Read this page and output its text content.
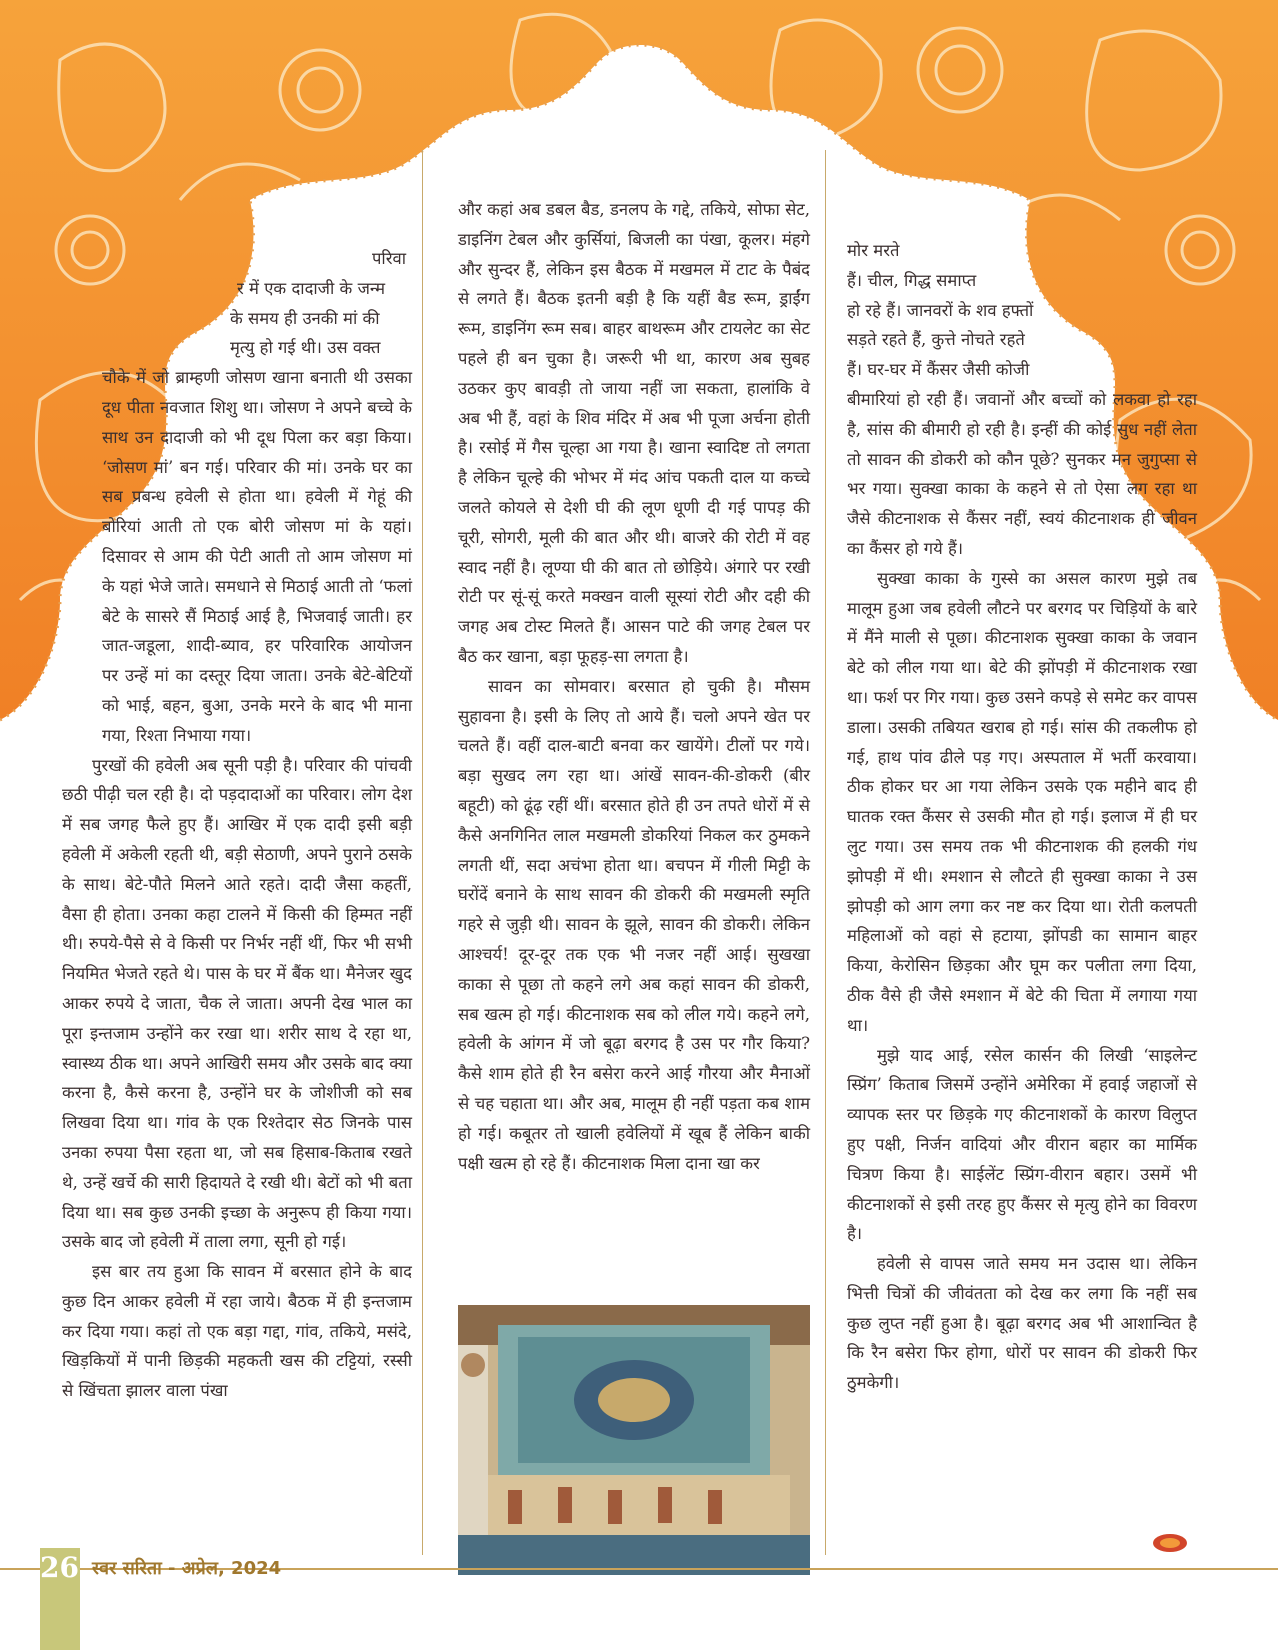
परिवा
र में एक दादाजी के जन्म
के समय ही उनकी मां की
मृत्यु हो गई थी। उस वक्त

चौके में जो ब्राम्हणी जोसण खाना बनाती थी उसका दूध पीता नवजात शिशु था। जोसण ने अपने बच्चे के साथ उन दादाजी को भी दूध पिला कर बड़ा किया। ‘जोसण मां’ बन गई। परिवार की मां। उनके घर का सब प्रबन्ध हवेली से होता था। हवेली में गेहूं की बोरियां आती तो एक बोरी जोसण मां के यहां। दिसावर से आम की पेटी आती तो आम जोसण मां के यहां भेजे जाते। समधाने से मिठाई आती तो ‘फलां बेटे के सासरे सैं मिठाई आई है, भिजवाई जाती। हर जात-जडूला, शादी-ब्याव, हर परिवारिक आयोजन पर उन्हें मां का दस्तूर दिया जाता। उनके बेटे-बेटियों को भाई, बहन, बुआ, उनके मरने के बाद भी माना गया, रिश्ता निभाया गया।

पुरखों की हवेली अब सूनी पड़ी है। परिवार की पांचवी छठी पीढ़ी चल रही है। दो पड़दादाओं का परिवार। लोग देश में सब जगह फैले हुए हैं। आखिर में एक दादी इसी बड़ी हवेली में अकेली रहती थी, बड़ी सेठाणी, अपने पुराने ठसके के साथ। बेटे-पौते मिलने आते रहते। दादी जैसा कहतीं, वैसा ही होता। उनका कहा टालने में किसी की हिम्मत नहीं थी। रुपये-पैसे से वे किसी पर निर्भर नहीं थीं, फिर भी सभी नियमित भेजते रहते थे। पास के घर में बैंक था। मैनेजर खुद आकर रुपये दे जाता, चैक ले जाता। अपनी देख भाल का पूरा इन्तजाम उन्होंने कर रखा था। शरीर साथ दे रहा था, स्वास्थ्य ठीक था। अपने आखिरी समय और उसके बाद क्या करना है, कैसे करना है, उन्होंने घर के जोशीजी को सब लिखवा दिया था। गांव के एक रिश्तेदार सेठ जिनके पास उनका रुपया पैसा रहता था, जो सब हिसाब-किताब रखते थे, उन्हें खर्चे की सारी हिदायते दे रखी थी। बेटों को भी बता दिया था। सब कुछ उनकी इच्छा के अनुरूप ही किया गया। उसके बाद जो हवेली में ताला लगा, सूनी हो गई।

इस बार तय हुआ कि सावन में बरसात होने के बाद कुछ दिन आकर हवेली में रहा जाये। बैठक में ही इन्तजाम कर दिया गया। कहां तो एक बड़ा गद्दा, गांव, तकिये, मसंदे, खिड़कियों में पानी छिड़की महकती खस की टट्टियां, रस्सी से खिंचता झालर वाला पंखा

और कहां अब डबल बैड, डनलप के गद्दे, तकिये, सोफा सेट, डाइनिंग टेबल और कुर्सियां, बिजली का पंखा, कूलर। मंहगे और सुन्दर हैं, लेकिन इस बैठक में मखमल में टाट के पैबंद से लगते हैं। बैठक इतनी बड़ी है कि यहीं बैड रूम, ड्राईंग रूम, डाइनिंग रूम सब। बाहर बाथरूम और टायलेट का सेट पहले ही बन चुका है। जरूरी भी था, कारण अब सुबह उठकर कुए बावड़ी तो जाया नहीं जा सकता, हालांकि वे अब भी हैं, वहां के शिव मंदिर में अब भी पूजा अर्चना होती है। रसोई में गैस चूल्हा आ गया है। खाना स्वादिष्ट तो लगता है लेकिन चूल्हे की भोभर में मंद आंच पकती दाल या कच्चे जलते कोयले से देशी घी की लूण धूणी दी गई पापड़ की चूरी, सोगरी, मूली की बात और थी। बाजरे की रोटी में वह स्वाद नहीं है। लूण्या घी की बात तो छोड़िये। अंगारे पर रखी रोटी पर सूं-सूं करते मक्खन वाली सूस्यां रोटी और दही की जगह अब टोस्ट मिलते हैं। आसन पाटे की जगह टेबल पर बैठ कर खाना, बड़ा फूहड़-सा लगता है।

सावन का सोमवार। बरसात हो चुकी है। मौसम सुहावना है। इसी के लिए तो आये हैं। चलो अपने खेत पर चलते हैं। वहीं दाल-बाटी बनवा कर खायेंगे। टीलों पर गये। बड़ा सुखद लग रहा था। आंखें सावन-की-डोकरी (बीर बहूटी) को ढूंढ़ रहीं थीं। बरसात होते ही उन तपते धोरों में से कैसे अनगिनित लाल मखमली डोकरियां निकल कर ठुमकने लगती थीं, सदा अचंभा होता था। बचपन में गीली मिट्टी के घरोंदें बनाने के साथ सावन की डोकरी की मखमली स्मृति गहरे से जुड़ी थी। सावन के झूले, सावन की डोकरी। लेकिन आश्चर्य! दूर-दूर तक एक भी नजर नहीं आई। सुखखा काका से पूछा तो कहने लगे अब कहां सावन की डोकरी, सब खत्म हो गई। कीटनाशक सब को लील गये। कहने लगे, हवेली के आंगन में जो बूढ़ा बरगद है उस पर गौर किया? कैसे शाम होते ही रैन बसेरा करने आई गौरया और मैनाओं से चह चहाता था। और अब, मालूम ही नहीं पड़ता कब शाम हो गई। कबूतर तो खाली हवेलियों में खूब हैं लेकिन बाकी पक्षी खत्म हो रहे हैं। कीटनाशक मिला दाना खा कर

मोर मरते
हैं। चील, गिद्ध समाप्त
हो रहे हैं। जानवरों के शव हफ्तों
सड़ते रहते हैं, कुत्ते नोचते रहते
हैं। घर-घर में कैंसर जैसी कोजी

बीमारियां हो रही हैं। जवानों और बच्चों को लकवा हो रहा है, सांस की बीमारी हो रही है। इन्हीं की कोई सुध नहीं लेता तो सावन की डोकरी को कौन पूछे? सुनकर मन जुगुप्सा से भर गया। सुक्खा काका के कहने से तो ऐसा लग रहा था जैसे कीटनाशक से कैंसर नहीं, स्वयं कीटनाशक ही जीवन का कैंसर हो गये हैं।

सुक्खा काका के गुस्से का असल कारण मुझे तब मालूम हुआ जब हवेली लौटने पर बरगद पर चिड़ियों के बारे में मैंने माली से पूछा। कीटनाशक सुक्खा काका के जवान बेटे को लील गया था। बेटे की झोंपड़ी में कीटनाशक रखा था। फर्श पर गिर गया। कुछ उसने कपड़े से समेट कर वापस डाला। उसकी तबियत खराब हो गई। सांस की तकलीफ हो गई, हाथ पांव ढीले पड़ गए। अस्पताल में भर्ती करवाया। ठीक होकर घर आ गया लेकिन उसके एक महीने बाद ही घातक रक्त कैंसर से उसकी मौत हो गई। इलाज में ही घर लुट गया। उस समय तक भी कीटनाशक की हलकी गंध झोपड़ी में थी। श्मशान से लौटते ही सुक्खा काका ने उस झोपड़ी को आग लगा कर नष्ट कर दिया था। रोती कलपती महिलाओं को वहां से हटाया, झोंपडी का सामान बाहर किया, केरोसिन छिड़का और घूम कर पलीता लगा दिया, ठीक वैसे ही जैसे श्मशान में बेटे की चिता में लगाया गया था।

मुझे याद आई, रसेल कार्सन की लिखी ‘साइलेन्ट स्प्रिंग’ किताब जिसमें उन्होंने अमेरिका में हवाई जहाजों से व्यापक स्तर पर छिड़के गए कीटनाशकों के कारण विलुप्त हुए पक्षी, निर्जन वादियां और वीरान बहार का मार्मिक चित्रण किया है। साईलेंट स्प्रिंग-वीरान बहार। उसमें भी कीटनाशकों से इसी तरह हुए कैंसर से मृत्यु होने का विवरण है।

हवेली से वापस जाते समय मन उदास था। लेकिन भित्ती चित्रों की जीवंतता को देख कर लगा कि नहीं सब कुछ लुप्त नहीं हुआ है। बूढ़ा बरगद अब भी आशान्वित है कि रैन बसेरा फिर होगा, धोरों पर सावन की डोकरी फिर ठुमकेगी।

26 स्वर सरिता - अप्रेल, 2024
